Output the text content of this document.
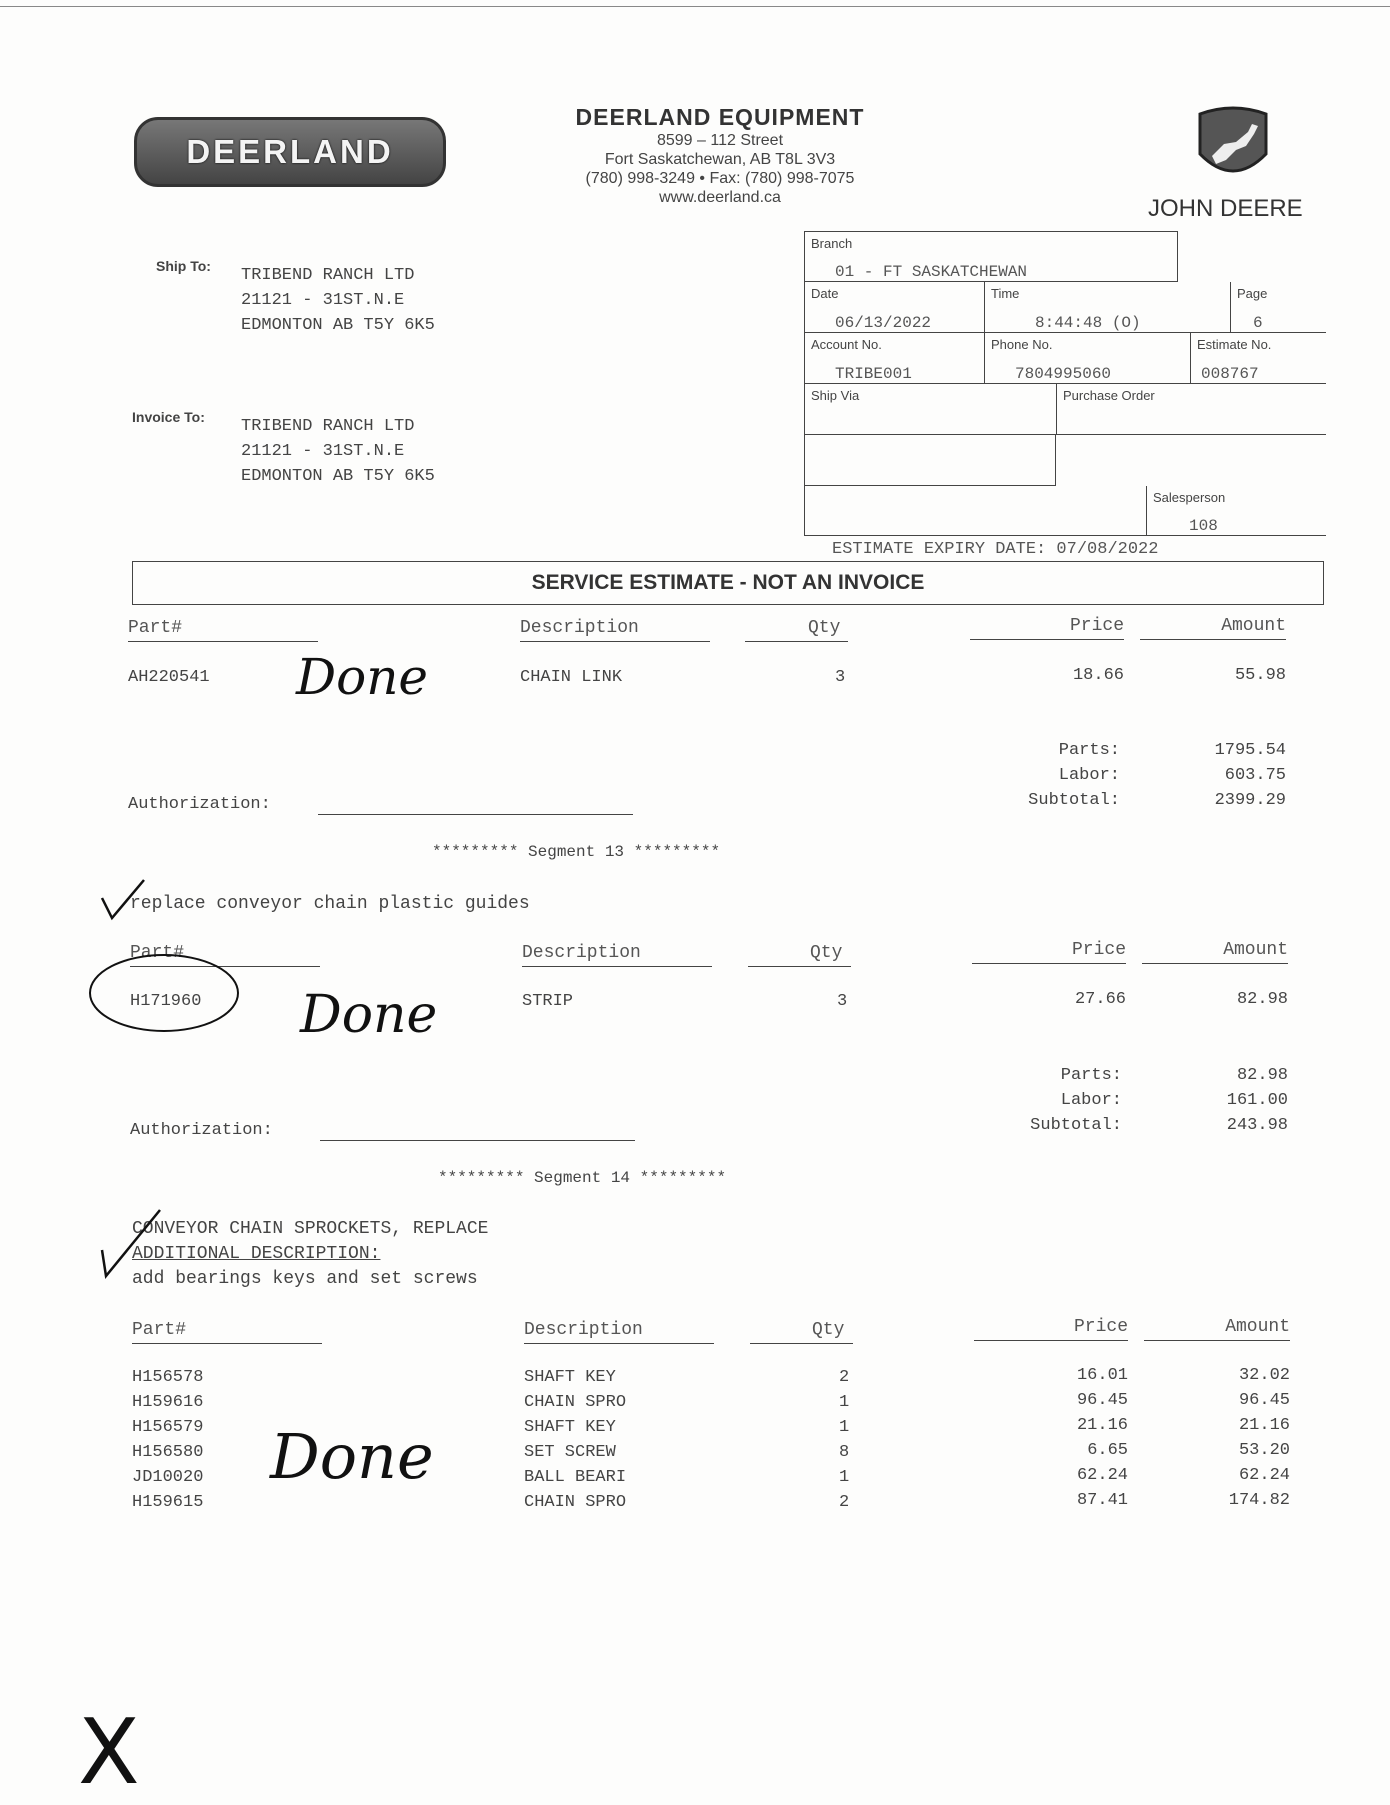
DEERLAND
DEERLAND EQUIPMENT
8599 – 112 Street
Fort Saskatchewan, AB T8L 3V3
(780) 998-3249 • Fax: (780) 998-7075
www.deerland.ca	JOHN DEERE
Ship To: TRIBEND RANCH LTD
21121 - 31ST.N.E
EDMONTON AB T5Y 6K5
Invoice To: TRIBEND RANCH LTD
21121 - 31ST.N.E
EDMONTON AB T5Y 6K5
Branch
01 - FT SASKATCHEWAN
Date
06/13/2022
Time
8:44:48 (O)
Page
6
Account No.
TRIBE001
Phone No.
7804995060
Estimate No.
008767
Ship Via	Purchase Order
Salesperson
108
ESTIMATE EXPIRY DATE: 07/08/2022
SERVICE ESTIMATE - NOT AN INVOICE
Part#	Description	Qty	Price	Amount
AH220541	CHAIN LINK	3	18.66	55.98
Done
Parts:	1795.54
Labor:	603.75
Subtotal:	2399.29
Authorization:
********* Segment 13 *********
replace conveyor chain plastic guides
Part#	Description	Qty	Price	Amount
H171960	STRIP	3	27.66	82.98
Done
Parts:	82.98
Labor:	161.00
Subtotal:	243.98
Authorization:
********* Segment 14 *********
CONVEYOR CHAIN SPROCKETS, REPLACE
ADDITIONAL DESCRIPTION:
add bearings keys and set screws
Part#	Description	Qty	Price	Amount
H156578	SHAFT KEY	2	16.01	32.02
H159616	CHAIN SPRO	1	96.45	96.45
H156579	SHAFT KEY	1	21.16	21.16
H156580	SET SCREW	8	6.65	53.20
JD10020	BALL BEARI	1	62.24	62.24
H159615	CHAIN SPRO	2	87.41	174.82
Done
X
